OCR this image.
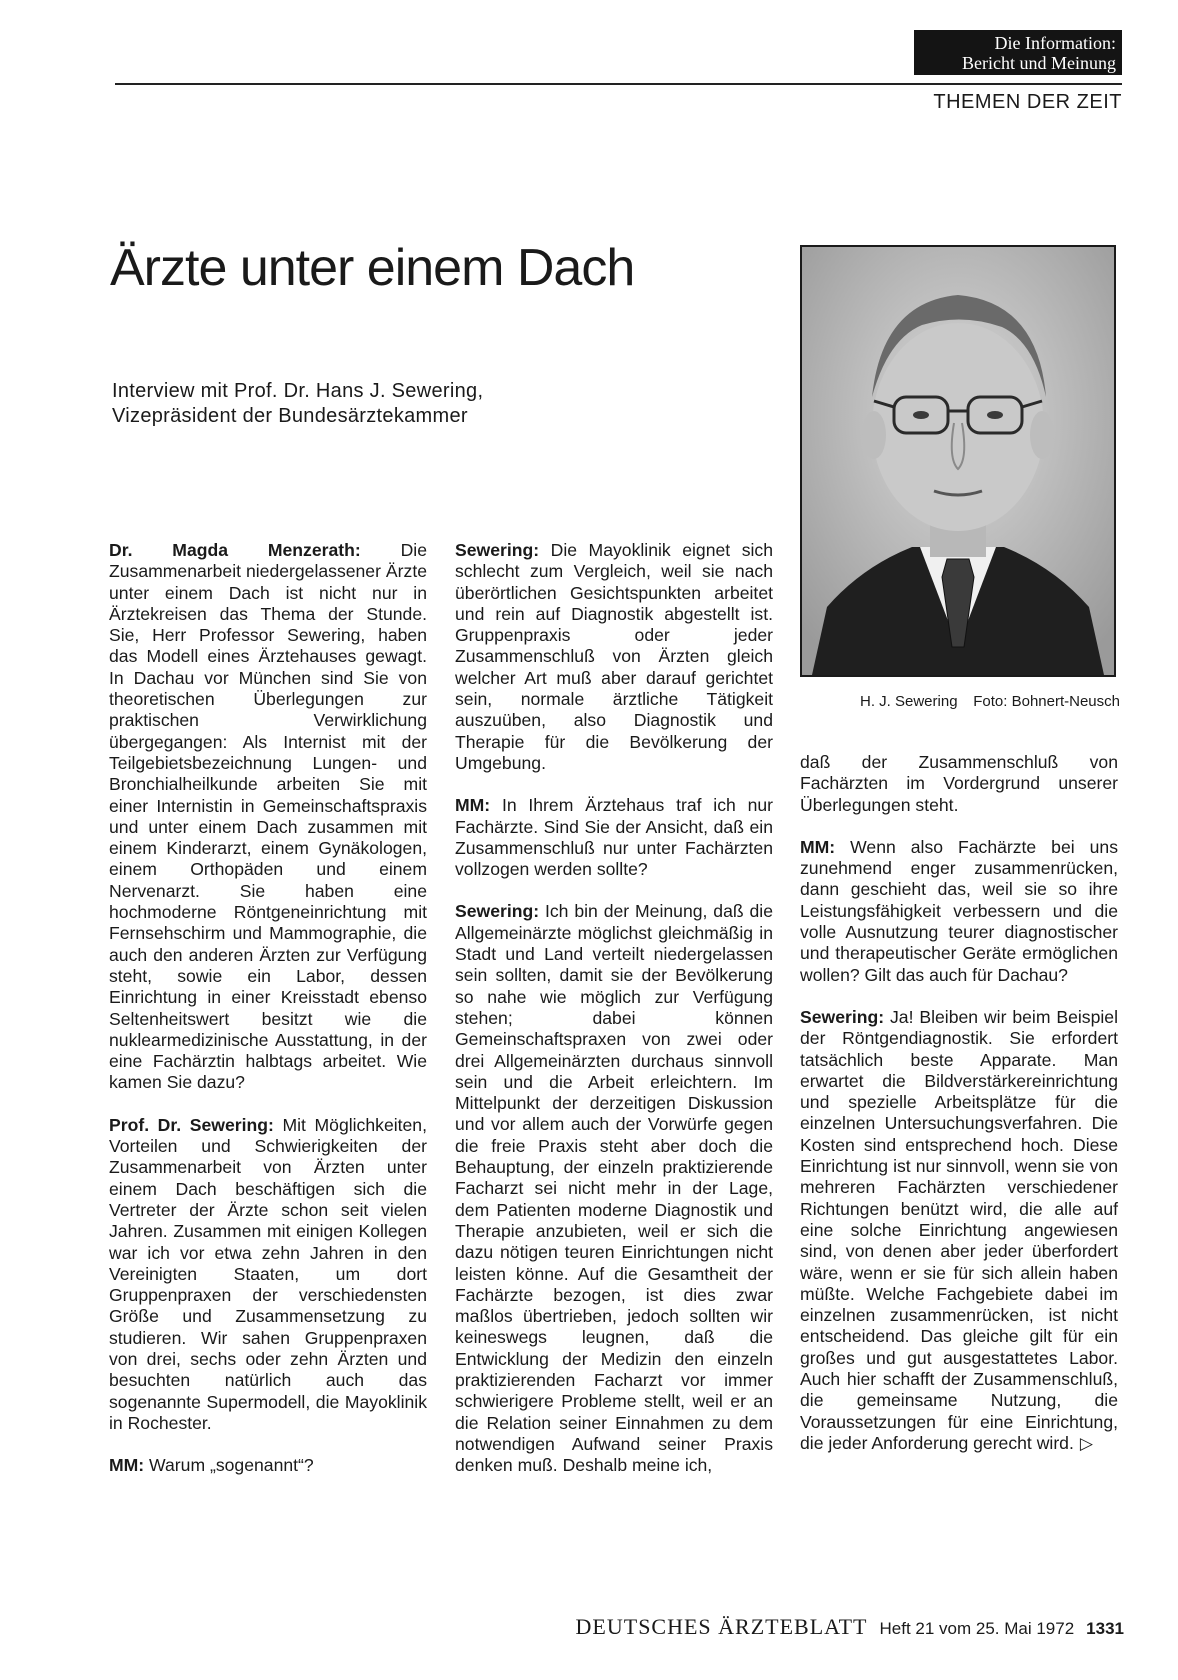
Die Information:
Bericht und Meinung
THEMEN DER ZEIT
Ärzte unter einem Dach

Interview mit Prof. Dr. Hans J. Sewering,
Vizepräsident der Bundesärztekammer

H. J. Sewering Foto: Bohnert-Neusch

Dr. Magda Menzerath: Die Zusammenarbeit niedergelassener Ärzte unter einem Dach ist nicht nur in Ärztekreisen das Thema der Stunde. Sie, Herr Professor Sewering, haben das Modell eines Ärztehauses gewagt. In Dachau vor München sind Sie von theoretischen Überlegungen zur praktischen Verwirklichung übergegangen: Als Internist mit der Teilgebietsbezeichnung Lungen- und Bronchialheilkunde arbeiten Sie mit einer Internistin in Gemeinschaftspraxis und unter einem Dach zusammen mit einem Kinderarzt, einem Gynäkologen, einem Orthopäden und einem Nervenarzt. Sie haben eine hochmoderne Röntgeneinrichtung mit Fernsehschirm und Mammographie, die auch den anderen Ärzten zur Verfügung steht, sowie ein Labor, dessen Einrichtung in einer Kreisstadt ebenso Seltenheitswert besitzt wie die nuklearmedizinische Ausstattung, in der eine Fachärztin halbtags arbeitet. Wie kamen Sie dazu?

Prof. Dr. Sewering: Mit Möglichkeiten, Vorteilen und Schwierigkeiten der Zusammenarbeit von Ärzten unter einem Dach beschäftigen sich die Vertreter der Ärzte schon seit vielen Jahren. Zusammen mit einigen Kollegen war ich vor etwa zehn Jahren in den Vereinigten Staaten, um dort Gruppenpraxen der verschiedensten Größe und Zusammensetzung zu studieren. Wir sahen Gruppenpraxen von drei, sechs oder zehn Ärzten und besuchten natürlich auch das sogenannte Supermodell, die Mayoklinik in Rochester.

MM: Warum „sogenannt“?

Sewering: Die Mayoklinik eignet sich schlecht zum Vergleich, weil sie nach überörtlichen Gesichtspunkten arbeitet und rein auf Diagnostik abgestellt ist. Gruppenpraxis oder jeder Zusammenschluß von Ärzten gleich welcher Art muß aber darauf gerichtet sein, normale ärztliche Tätigkeit auszuüben, also Diagnostik und Therapie für die Bevölkerung der Umgebung.

MM: In Ihrem Ärztehaus traf ich nur Fachärzte. Sind Sie der Ansicht, daß ein Zusammenschluß nur unter Fachärzten vollzogen werden sollte?

Sewering: Ich bin der Meinung, daß die Allgemeinärzte möglichst gleichmäßig in Stadt und Land verteilt niedergelassen sein sollten, damit sie der Bevölkerung so nahe wie möglich zur Verfügung stehen; dabei können Gemeinschaftspraxen von zwei oder drei Allgemeinärzten durchaus sinnvoll sein und die Arbeit erleichtern. Im Mittelpunkt der derzeitigen Diskussion und vor allem auch der Vorwürfe gegen die freie Praxis steht aber doch die Behauptung, der einzeln praktizierende Facharzt sei nicht mehr in der Lage, dem Patienten moderne Diagnostik und Therapie anzubieten, weil er sich die dazu nötigen teuren Einrichtungen nicht leisten könne. Auf die Gesamtheit der Fachärzte bezogen, ist dies zwar maßlos übertrieben, jedoch sollten wir keineswegs leugnen, daß die Entwicklung der Medizin den einzeln praktizierenden Facharzt vor immer schwierigere Probleme stellt, weil er an die Relation seiner Einnahmen zu dem notwendigen Aufwand seiner Praxis denken muß. Deshalb meine ich,

daß der Zusammenschluß von Fachärzten im Vordergrund unserer Überlegungen steht.

MM: Wenn also Fachärzte bei uns zunehmend enger zusammenrücken, dann geschieht das, weil sie so ihre Leistungsfähigkeit verbessern und die volle Ausnutzung teurer diagnostischer und therapeutischer Geräte ermöglichen wollen? Gilt das auch für Dachau?

Sewering: Ja! Bleiben wir beim Beispiel der Röntgendiagnostik. Sie erfordert tatsächlich beste Apparate. Man erwartet die Bildverstärkereinrichtung und spezielle Arbeitsplätze für die einzelnen Untersuchungsverfahren. Die Kosten sind entsprechend hoch. Diese Einrichtung ist nur sinnvoll, wenn sie von mehreren Fachärzten verschiedener Richtungen benützt wird, die alle auf eine solche Einrichtung angewiesen sind, von denen aber jeder überfordert wäre, wenn er sie für sich allein haben müßte. Welche Fachgebiete dabei im einzelnen zusammenrücken, ist nicht entscheidend. Das gleiche gilt für ein großes und gut ausgestattetes Labor. Auch hier schafft der Zusammenschluß, die gemeinsame Nutzung, die Voraussetzungen für eine Einrichtung, die jeder Anforderung gerecht wird. ▷

DEUTSCHES ÄRZTEBLATT Heft 21 vom 25. Mai 1972 1331
